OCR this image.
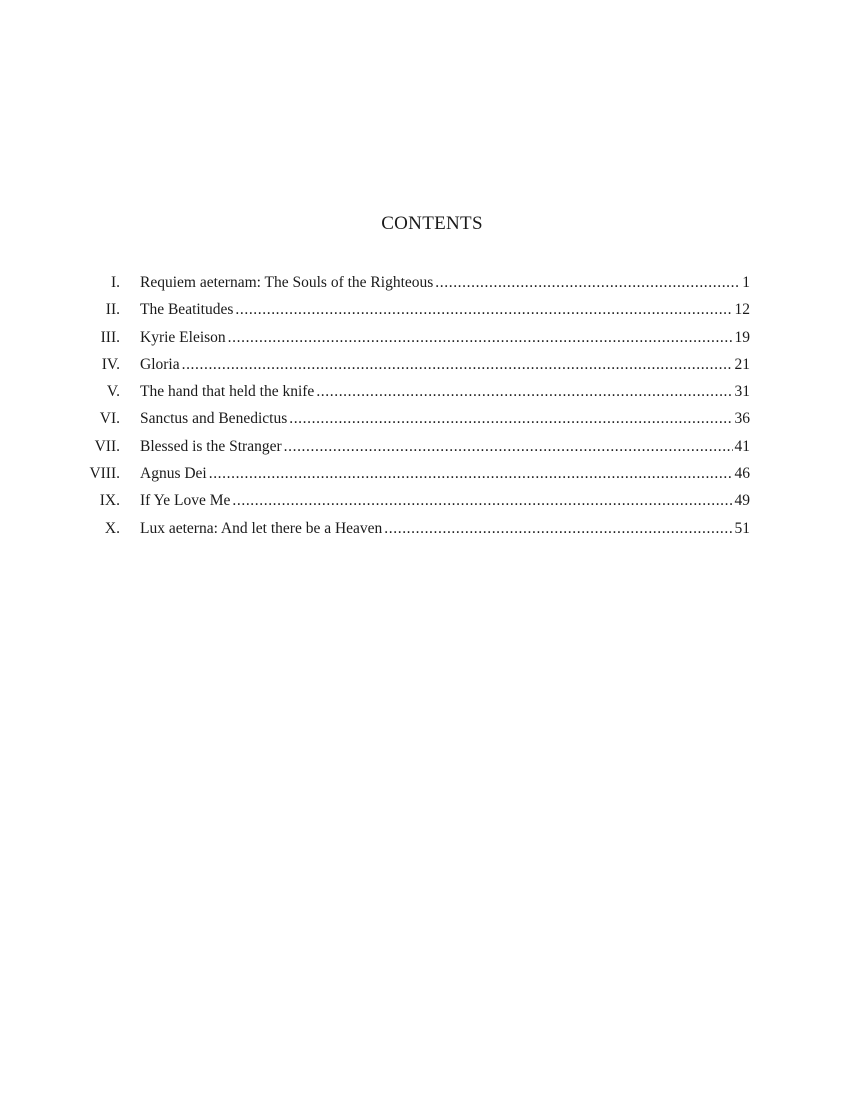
CONTENTS
I. Requiem aeternam: The Souls of the Righteous .....	1
II. The Beatitudes .....	12
III. Kyrie Eleison .....	19
IV. Gloria .....	21
V. The hand that held the knife .....	31
VI. Sanctus and Benedictus .....	36
VII. Blessed is the Stranger .....	41
VIII. Agnus Dei .....	46
IX. If Ye Love Me .....	49
X. Lux aeterna: And let there be a Heaven .....	51
